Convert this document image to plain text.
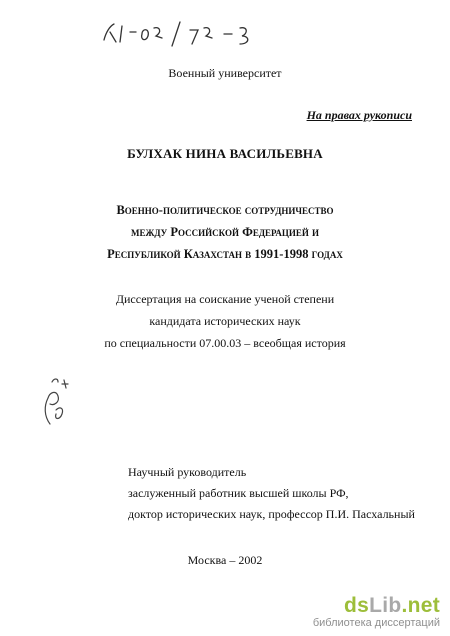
61: 02-7/72-3
Военный университет
На правах рукописи
БУЛХАК НИНА ВАСИЛЬЕВНА
Военно-политическое сотрудничество
между Российской Федерацией и
Республикой Казахстан в 1991-1998 годах
Диссертация на соискание ученой степени
кандидата исторических наук
по специальности 07.00.03 – всеобщая история
Научный руководитель
заслуженный работник высшей школы РФ,
доктор исторических наук, профессор П.И. Пасхальный
Москва – 2002
dsLib.net
библиотека диссертаций
